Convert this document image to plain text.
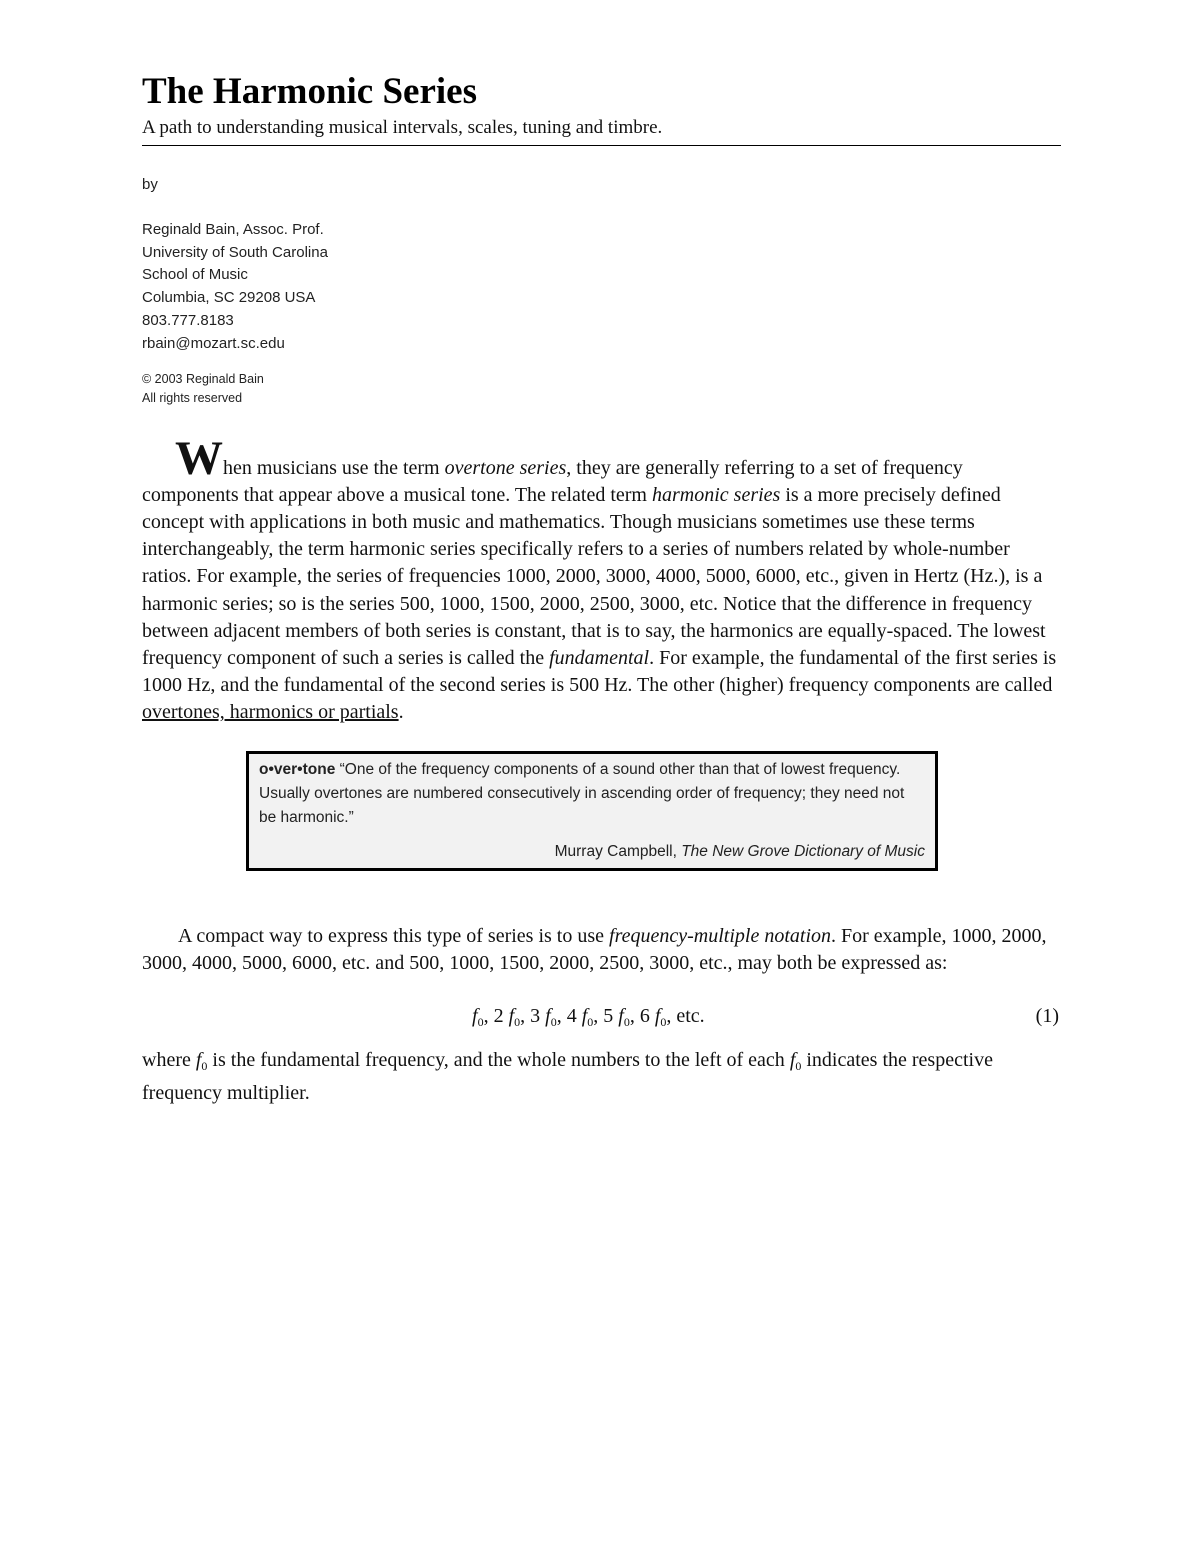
The Harmonic Series
A path to understanding musical intervals, scales, tuning and timbre.
by
Reginald Bain, Assoc. Prof.
University of South Carolina
School of Music
Columbia, SC 29208 USA
803.777.8183
rbain@mozart.sc.edu
© 2003 Reginald Bain
All rights reserved

When musicians use the term overtone series, they are generally referring to a set of frequency components that appear above a musical tone. The related term harmonic series is a more precisely defined concept with applications in both music and mathematics. Though musicians sometimes use these terms interchangeably, the term harmonic series specifically refers to a series of numbers related by whole-number ratios. For example, the series of frequencies 1000, 2000, 3000, 4000, 5000, 6000, etc., given in Hertz (Hz.), is a harmonic series; so is the series 500, 1000, 1500, 2000, 2500, 3000, etc. Notice that the difference in frequency between adjacent members of both series is constant, that is to say, the harmonics are equally-spaced. The lowest frequency component of such a series is called the fundamental. For example, the fundamental of the first series is 1000 Hz, and the fundamental of the second series is 500 Hz. The other (higher) frequency components are called overtones, harmonics or partials.

o•ver•tone “One of the frequency components of a sound other than that of lowest frequency. Usually overtones are numbered consecutively in ascending order of frequency; they need not be harmonic.”
Murray Campbell, The New Grove Dictionary of Music

A compact way to express this type of series is to use frequency-multiple notation. For example, 1000, 2000, 3000, 4000, 5000, 6000, etc. and 500, 1000, 1500, 2000, 2500, 3000, etc., may both be expressed as:

$f_0$, 2 $f_0$, 3 $f_0$, 4 $f_0$, 5 $f_0$, 6 $f_0$, etc.	(1)

where $f_0$ is the fundamental frequency, and the whole numbers to the left of each $f_0$ indicates the respective frequency multiplier.
